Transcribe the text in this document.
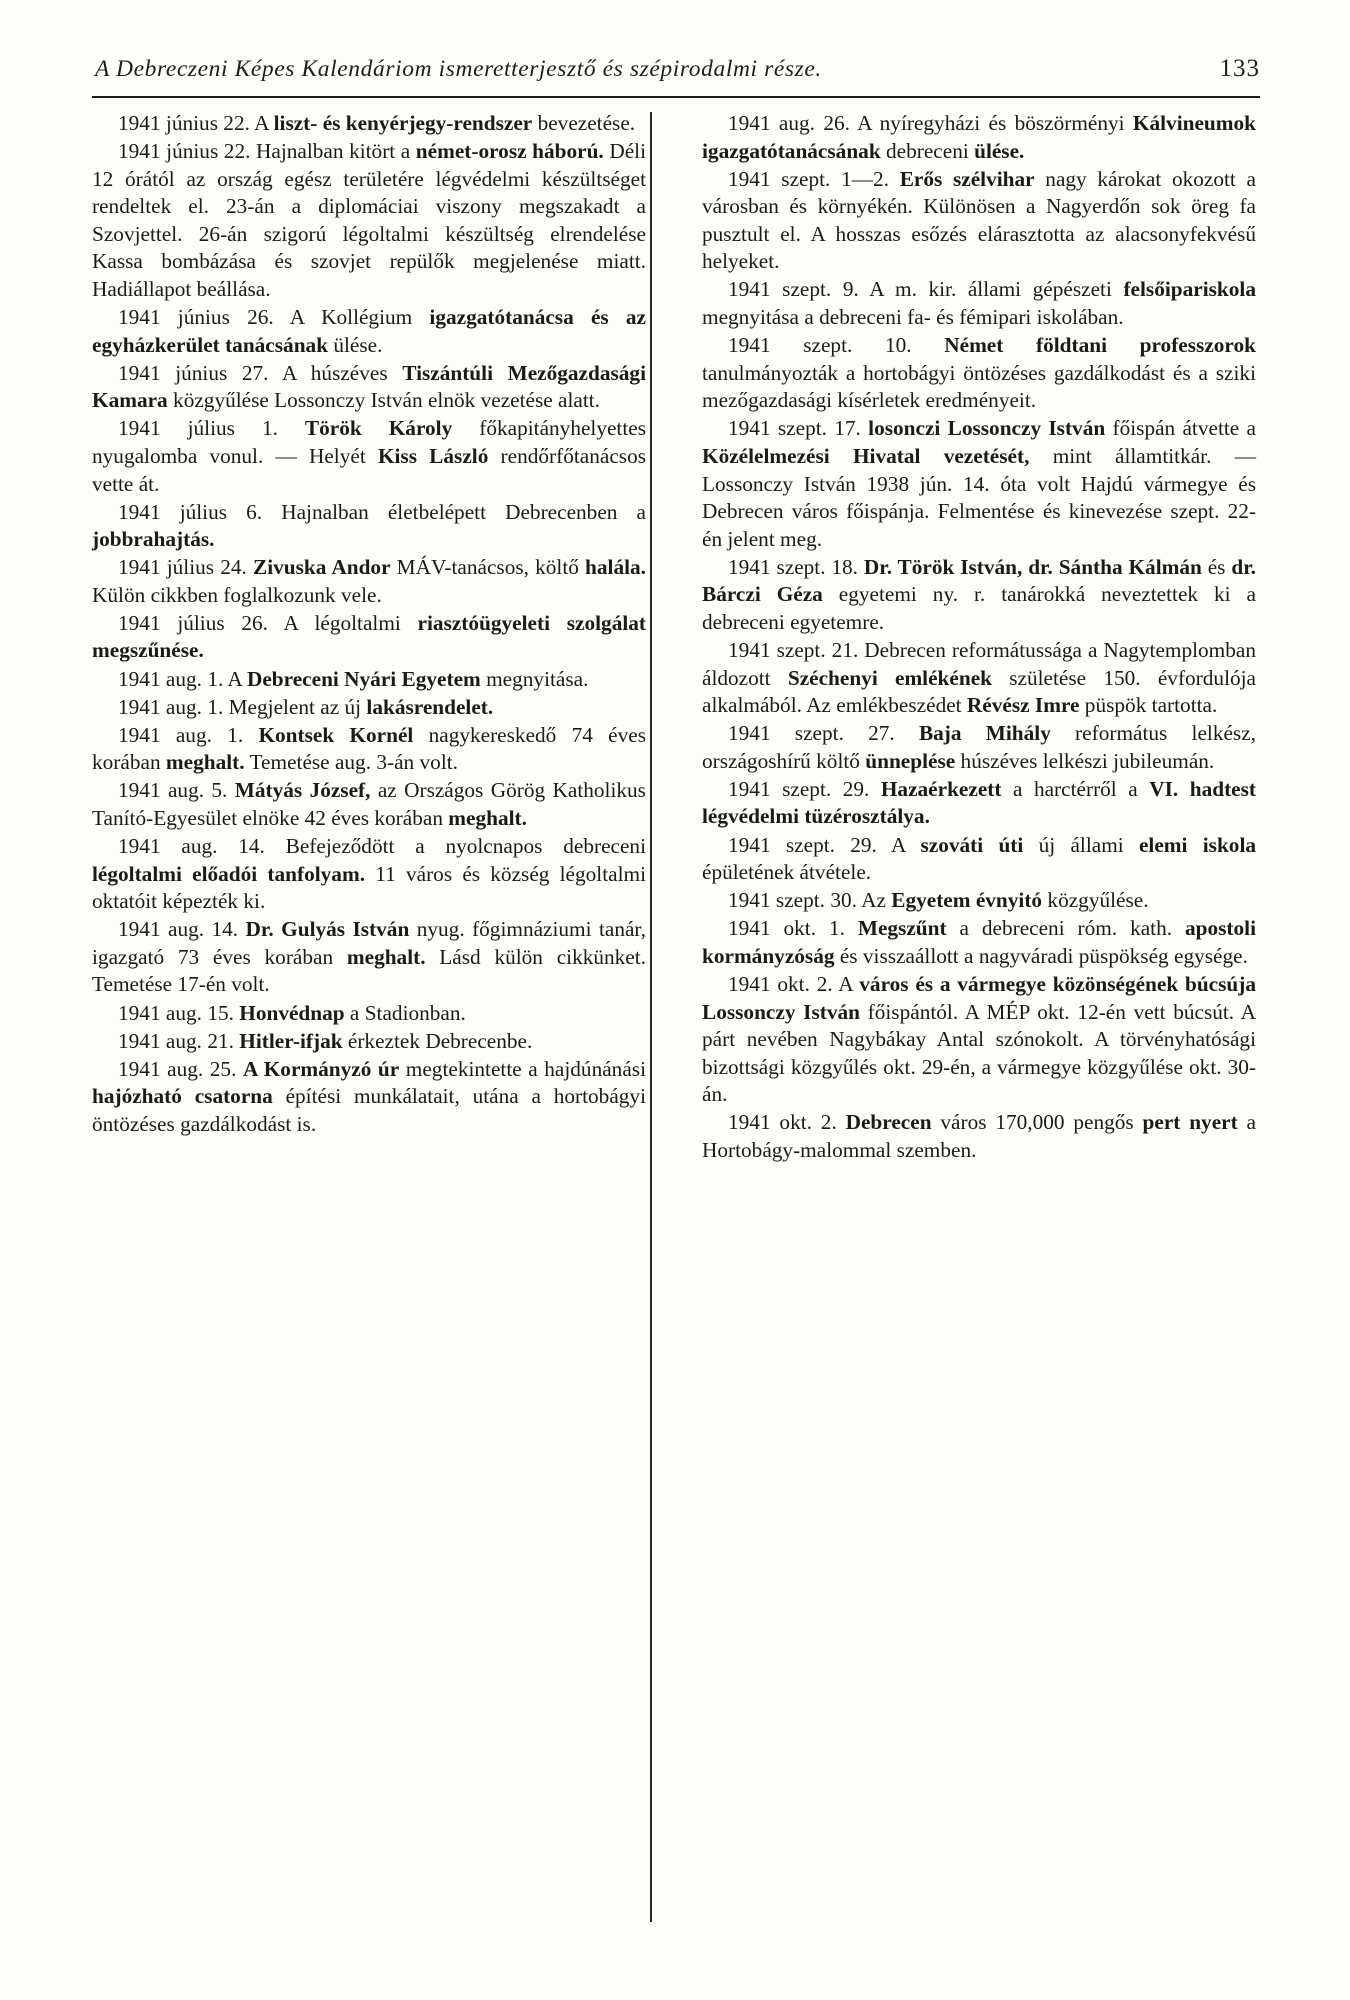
A Debreczeni Képes Kalendáriom ismeretterjesztő és szépirodalmi része.	133

1941 június 22. A liszt- és kenyérjegy-rendszer bevezetése.

1941 június 22. Hajnalban kitört a német-orosz háború. Déli 12 órától az ország egész területére légvédelmi készültséget rendeltek el. 23-án a diplomáciai viszony megszakadt a Szovjettel. 26-án szigorú légoltalmi készültség elrendelése Kassa bombázása és szovjet repülők megjelenése miatt. Hadiállapot beállása.

1941 június 26. A Kollégium igazgatótanácsa és az egyházkerület tanácsának ülése.

1941 június 27. A húszéves Tiszántúli Mezőgazdasági Kamara közgyűlése Lossonczy István elnök vezetése alatt.

1941 július 1. Török Károly főkapitányhelyettes nyugalomba vonul. — Helyét Kiss László rendőrfőtanácsos vette át.

1941 július 6. Hajnalban életbelépett Debrecenben a jobbrahajtás.

1941 július 24. Zivuska Andor MÁV-tanácsos, költő halála. Külön cikkben foglalkozunk vele.

1941 július 26. A légoltalmi riasztóügyeleti szolgálat megszűnése.

1941 aug. 1. A Debreceni Nyári Egyetem megnyitása.

1941 aug. 1. Megjelent az új lakásrendelet.

1941 aug. 1. Kontsek Kornél nagykereskedő 74 éves korában meghalt. Temetése aug. 3-án volt.

1941 aug. 5. Mátyás József, az Országos Görög Katholikus Tanító-Egyesület elnöke 42 éves korában meghalt.

1941 aug. 14. Befejeződött a nyolcnapos debreceni légoltalmi előadói tanfolyam. 11 város és község légoltalmi oktatóit képezték ki.

1941 aug. 14. Dr. Gulyás István nyug. főgimnáziumi tanár, igazgató 73 éves korában meghalt. Lásd külön cikkünket. Temetése 17-én volt.

1941 aug. 15. Honvédnap a Stadionban.

1941 aug. 21. Hitler-ifjak érkeztek Debrecenbe.

1941 aug. 25. A Kormányzó úr megtekintette a hajdúnánási hajózható csatorna építési munkálatait, utána a hortobágyi öntözéses gazdálkodást is.

1941 aug. 26. A nyíregyházi és böszörményi Kálvineumok igazgatótanácsának debreceni ülése.

1941 szept. 1—2. Erős szélvihar nagy károkat okozott a városban és környékén. Különösen a Nagyerdőn sok öreg fa pusztult el. A hosszas esőzés elárasztotta az alacsonyfekvésű helyeket.

1941 szept. 9. A m. kir. állami gépészeti felsőipariskola megnyitása a debreceni fa- és fémipari iskolában.

1941 szept. 10. Német földtani professzorok tanulmányozták a hortobágyi öntözéses gazdálkodást és a sziki mezőgazdasági kísérletek eredményeit.

1941 szept. 17. losonczi Lossonczy István főispán átvette a Közélelmezési Hivatal vezetését, mint államtitkár. — Lossonczy István 1938 jún. 14. óta volt Hajdú vármegye és Debrecen város főispánja. Felmentése és kinevezése szept. 22-én jelent meg.

1941 szept. 18. Dr. Török István, dr. Sántha Kálmán és dr. Bárczi Géza egyetemi ny. r. tanárokká neveztettek ki a debreceni egyetemre.

1941 szept. 21. Debrecen reformátussága a Nagytemplomban áldozott Széchenyi emlékének születése 150. évfordulója alkalmából. Az emlékbeszédet Révész Imre püspök tartotta.

1941 szept. 27. Baja Mihály református lelkész, országoshírű költő ünneplése húszéves lelkészi jubileumán.

1941 szept. 29. Hazaérkezett a harctérről a VI. hadtest légvédelmi tüzérosztálya.

1941 szept. 29. A szováti úti új állami elemi iskola épületének átvétele.

1941 szept. 30. Az Egyetem évnyitó közgyűlése.

1941 okt. 1. Megszűnt a debreceni róm. kath. apostoli kormányzóság és visszaállott a nagyváradi püspökség egysége.

1941 okt. 2. A város és a vármegye közönségének búcsúja Lossonczy István főispántól. A MÉP okt. 12-én vett búcsút. A párt nevében Nagybákay Antal szónokolt. A törvényhatósági bizottsági közgyűlés okt. 29-én, a vármegye közgyűlése okt. 30-án.

1941 okt. 2. Debrecen város 170,000 pengős pert nyert a Hortobágy-malommal szemben.
